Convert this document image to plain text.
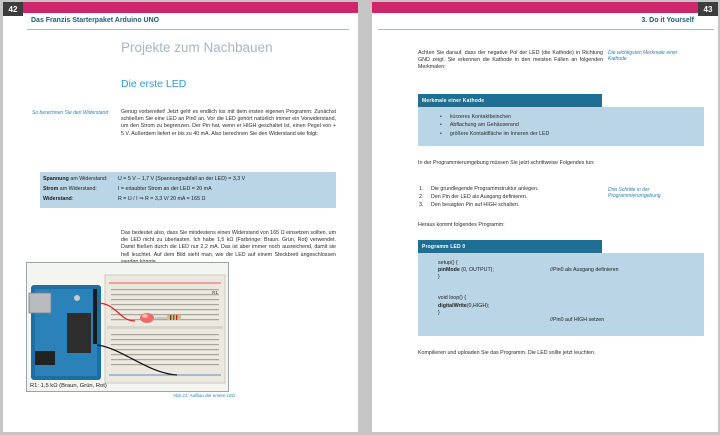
42
Das Franzis Starterpaket Arduino UNO
Projekte zum Nachbauen
Die erste LED
So berechnen Sie den Widerstand	Genug vorbereitet! Jetzt geht es endlich los mit dem ersten eigenen Programm: Zunächst schließen Sie eine LED an Pin0 an. Vor die LED gehört natürlich immer ein Vorwiderstand, um den Strom zu begrenzen. Der Pin hat, wenn er HIGH geschaltet ist, einen Pegel von + 5 V. Außerdem liefert er bis zu 40 mA. Also berechnen Sie den Widerstand wie folgt:
Spannung am Widerstand: U = 5 V – 1,7 V (Spannungsabfall an der LED) = 3,3 V
Strom am Widerstand:	I = erlaubter Strom an der LED = 20 mA
Widerstand:	R = U / I ⇒ R = 3,3 V/ 20 mA = 165 Ω
Das bedeutet also, dass Sie mindestens einen Widerstand von 165 Ω einsetzen sollten, um die LED nicht zu überlasten. Ich habe 1,5 kΩ (Farbringe: Braun, Grün, Rot) verwendet. Damit fließen durch die LED nur 2,2 mA. Das ist aber immer noch ausreichend, damit sie hell leuchtet. Auf dem Bild sieht man, wie die LED auf einem Steckbrett angeschlossen
R1
R1: 1,5 kΩ (Braun, Grün, Rot)
Abb.21: Aufbau der ersten LED
43
3. Do it Yourself
Achten Sie darauf, dass der negative Pol der LED (die Kathode) in Richtung GND zeigt. Sie erkennen die Kathode in den meisten Fällen an folgenden Merkmalen:
Die wichtigsten Merkmale einer Kathode
Merkmale einer Kathode
• kürzeres Kontaktbeinchen
• Abflachung am Gehäuserand
• größere Kontaktfläche im Inneren der LED
In der Programmierumgebung müssen Sie jetzt schrittweise Folgendes tun:
1. Die grundlegende Programmstruktur anlegen.
2. Den Pin der LED als Ausgang definieren.
3. Den besagten Pin auf HIGH schalten.
Drei Schritte in der Programmierumgebung
Heraus kommt folgendes Programm:
Programm LED 0
setup() {
pinMode (0, OUTPUT);
}

void loop() {
digitalWrite(0,HIGH);
}
//Pin0 als Ausgang definieren
//Pin0 auf HIGH setzen
Kompilieren und uploaden Sie das Programm. Die LED sollte jetzt leuchten.
